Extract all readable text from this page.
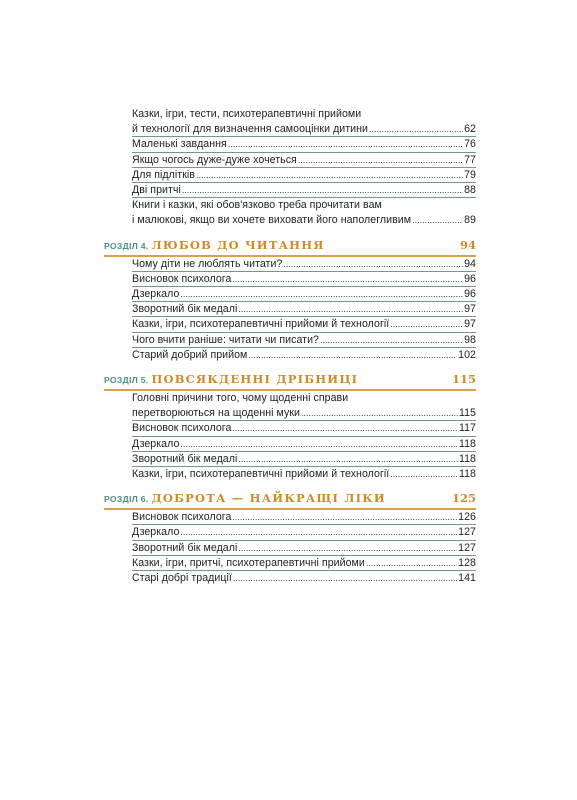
Казки, ігри, тести, психотерапевтичні прийоми
й технології для визначення самооцінки дитини .....	62
Маленькі завдання .....	76
Якщо чогось дуже-дуже хочеться .....	77
Для підлітків .....	79
Дві притчі .....	88
Книги і казки, які обов'язково треба прочитати вам
і малюкові, якщо ви хочете виховати його наполегливим .....	89
РОЗДІЛ 4. ЛЮБОВ ДО ЧИТАННЯ	94
Чому діти не люблять читати? .....	94
Висновок психолога .....	96
Дзеркало .....	96
Зворотний бік медалі .....	97
Казки, ігри, психотерапевтичні прийоми й технології .....	97
Чого вчити раніше: читати чи писати? .....	98
Старий добрий прийом .....	102
РОЗДІЛ 5. ПОВСЯКДЕННІ ДРІБНИЦІ	115
Головні причини того, чому щоденні справи
перетворюються на щоденні муки .....	115
Висновок психолога .....	117
Дзеркало .....	118
Зворотний бік медалі .....	118
Казки, ігри, психотерапевтичні прийоми й технології .....	118
РОЗДІЛ 6. ДОБРОТА — НАЙКРАЩІ ЛІКИ	125
Висновок психолога .....	126
Дзеркало .....	127
Зворотний бік медалі .....	127
Казки, ігри, притчі, психотерапевтичні прийоми .....	128
Старі добрі традиції .....	141
